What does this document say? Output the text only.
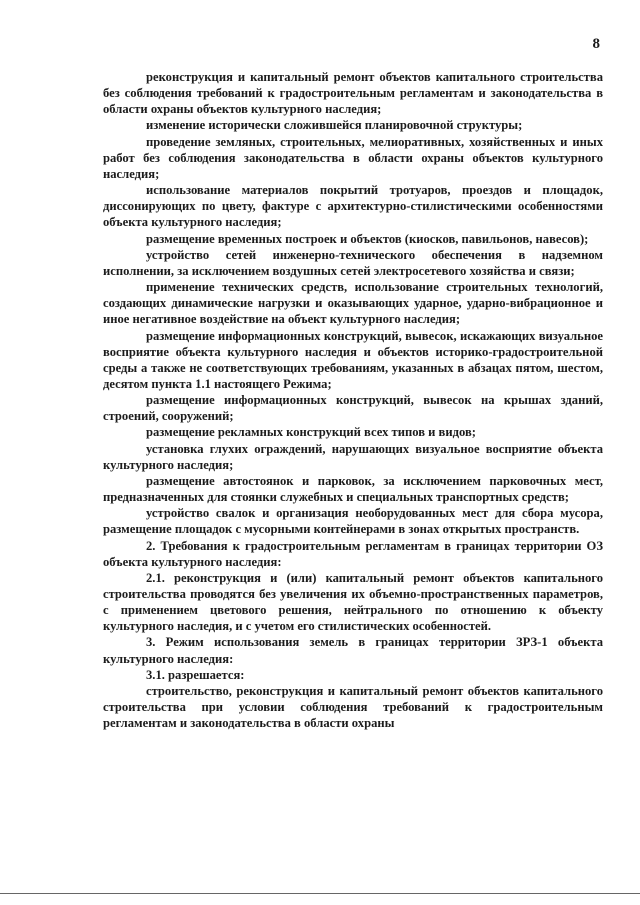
8

реконструкция и капитальный ремонт объектов капитального строительства без соблюдения требований к градостроительным регламентам и законодательства в области охраны объектов культурного наследия;

изменение исторически сложившейся планировочной структуры;

проведение земляных, строительных, мелиоративных, хозяйственных и иных работ без соблюдения законодательства в области охраны объектов культурного наследия;

использование материалов покрытий тротуаров, проездов и площадок, диссонирующих по цвету, фактуре с архитектурно-стилистическими особенностями объекта культурного наследия;

размещение временных построек и объектов (киосков, павильонов, навесов);

устройство сетей инженерно-технического обеспечения в надземном исполнении, за исключением воздушных сетей электросетевого хозяйства и связи;

применение технических средств, использование строительных технологий, создающих динамические нагрузки и оказывающих ударное, ударно-вибрационное и иное негативное воздействие на объект культурного наследия;

размещение информационных конструкций, вывесок, искажающих визуальное восприятие объекта культурного наследия и объектов историко-градостроительной среды а также не соответствующих требованиям, указанных в абзацах пятом, шестом, десятом пункта 1.1 настоящего Режима;

размещение информационных конструкций, вывесок на крышах зданий, строений, сооружений;

размещение рекламных конструкций всех типов и видов;

установка глухих ограждений, нарушающих визуальное восприятие объекта культурного наследия;

размещение автостоянок и парковок, за исключением парковочных мест, предназначенных для стоянки служебных и специальных транспортных средств;

устройство свалок и организация необорудованных мест для сбора мусора, размещение площадок с мусорными контейнерами в зонах открытых пространств.

2. Требования к градостроительным регламентам в границах территории ОЗ объекта культурного наследия:

2.1. реконструкция и (или) капитальный ремонт объектов капитального строительства проводятся без увеличения их объемно-пространственных параметров, с применением цветового решения, нейтрального по отношению к объекту культурного наследия, и с учетом его стилистических особенностей.

3. Режим использования земель в границах территории ЗРЗ-1 объекта культурного наследия:

3.1. разрешается:

строительство, реконструкция и капитальный ремонт объектов капитального строительства при условии соблюдения требований к градостроительным регламентам и законодательства в области охраны
